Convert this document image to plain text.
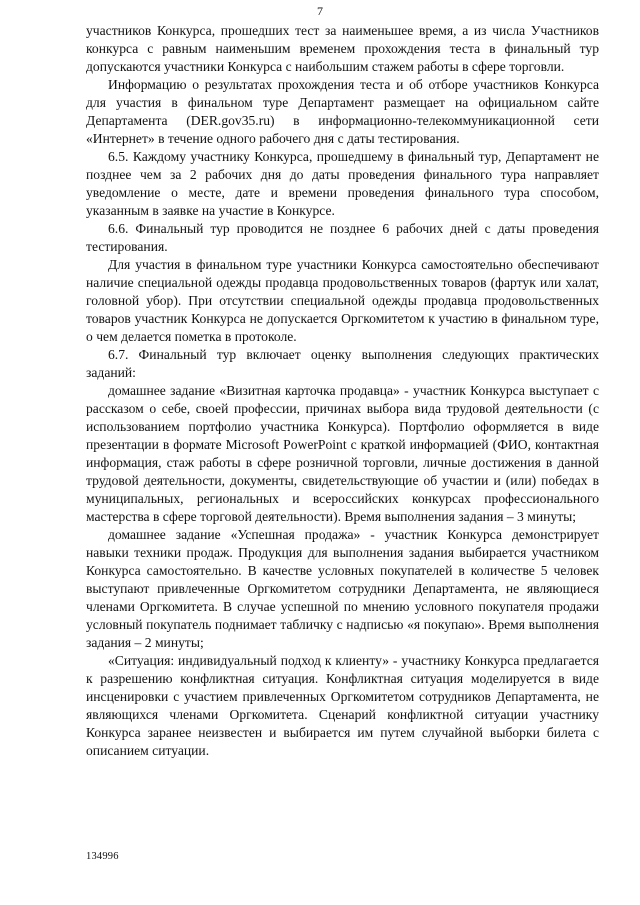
7

участников Конкурса, прошедших тест за наименьшее время, а из числа Участников конкурса с равным наименьшим временем прохождения теста в финальный тур допускаются участники Конкурса с наибольшим стажем работы в сфере торговли.

Информацию о результатах прохождения теста и об отборе участников Конкурса для участия в финальном туре Департамент размещает на официальном сайте Департамента (DER.gov35.ru) в информационно-телекоммуникационной сети «Интернет» в течение одного рабочего дня с даты тестирования.

6.5. Каждому участнику Конкурса, прошедшему в финальный тур, Департамент не позднее чем за 2 рабочих дня до даты проведения финального тура направляет уведомление о месте, дате и времени проведения финального тура способом, указанным в заявке на участие в Конкурсе.

6.6. Финальный тур проводится не позднее 6 рабочих дней с даты проведения тестирования.

Для участия в финальном туре участники Конкурса самостоятельно обеспечивают наличие специальной одежды продавца продовольственных товаров (фартук или халат, головной убор). При отсутствии специальной одежды продавца продовольственных товаров участник Конкурса не допускается Оргкомитетом к участию в финальном туре, о чем делается пометка в протоколе.

6.7. Финальный тур включает оценку выполнения следующих практических заданий:

домашнее задание «Визитная карточка продавца» - участник Конкурса выступает с рассказом о себе, своей профессии, причинах выбора вида трудовой деятельности (с использованием портфолио участника Конкурса). Портфолио оформляется в виде презентации в формате Microsoft PowerPoint с краткой информацией (ФИО, контактная информация, стаж работы в сфере розничной торговли, личные достижения в данной трудовой деятельности, документы, свидетельствующие об участии и (или) победах в муниципальных, региональных и всероссийских конкурсах профессионального мастерства в сфере торговой деятельности). Время выполнения задания – 3 минуты;

домашнее задание «Успешная продажа» - участник Конкурса демонстрирует навыки техники продаж. Продукция для выполнения задания выбирается участником Конкурса самостоятельно. В качестве условных покупателей в количестве 5 человек выступают привлеченные Оргкомитетом сотрудники Департамента, не являющиеся членами Оргкомитета. В случае успешной по мнению условного покупателя продажи условный покупатель поднимает табличку с надписью «я покупаю». Время выполнения задания – 2 минуты;

«Ситуация: индивидуальный подход к клиенту» - участнику Конкурса предлагается к разрешению конфликтная ситуация. Конфликтная ситуация моделируется в виде инсценировки с участием привлеченных Оргкомитетом сотрудников Департамента, не являющихся членами Оргкомитета. Сценарий конфликтной ситуации участнику Конкурса заранее неизвестен и выбирается им путем случайной выборки билета с описанием ситуации.

134996
